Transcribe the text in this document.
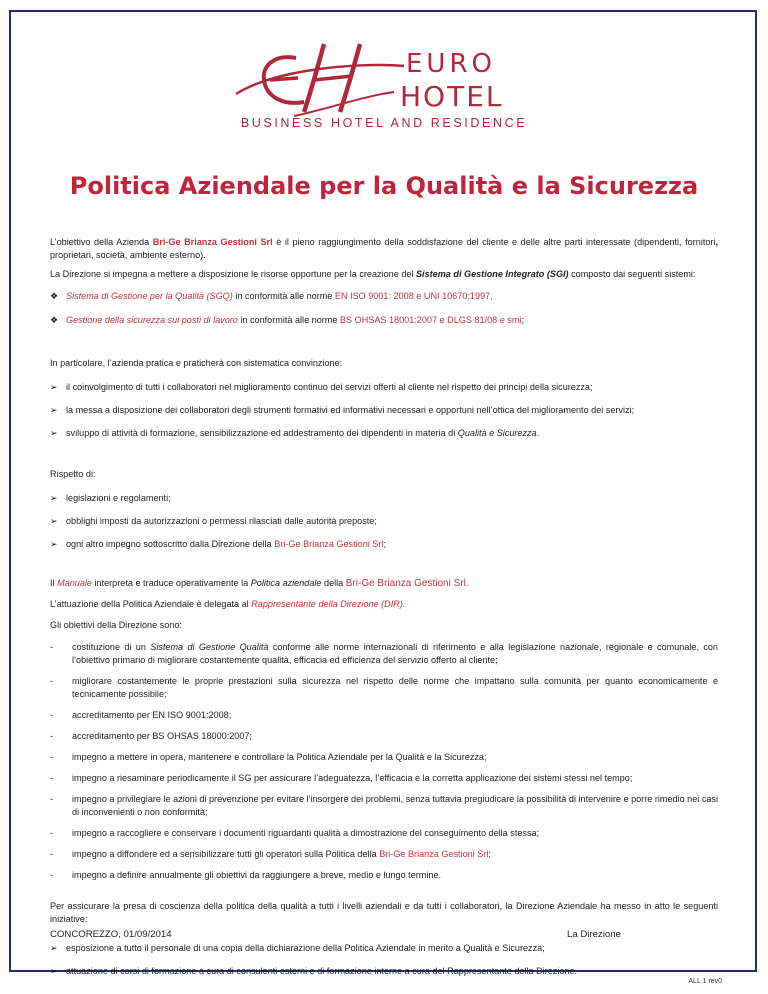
EURO
HOTEL
BUSINESS HOTEL AND RESIDENCE
Politica Aziendale per la Qualità e la Sicurezza

L’obiettivo della Azienda Bri-Ge Brianza Gestioni Srl è il pieno raggiungimento della soddisfazione del cliente e delle altre parti interessate (dipendenti, fornitori, proprietari, società, ambiente esterno).

La Direzione si impegna a mettere a disposizione le risorse opportune per la creazione del Sistema di Gestione Integrato (SGI) composto dai seguenti sistemi:

❖ Sistema di Gestione per la Qualità (SGQ) in conformità alle norme EN ISO 9001: 2008 e UNI 10670:1997,
❖ Gestione della sicurezza sui posti di lavoro in conformità alle norme BS OHSAS 18001:2007 e DLGS 81/08 e smi;

In particolare, l’azienda pratica e praticherà con sistematica convinzione:

➢ il coinvolgimento di tutti i collaboratori nel miglioramento continuo dei servizi offerti al cliente nel rispetto dei principi della sicurezza;
➢ la messa a disposizione dei collaboratori degli strumenti formativi ed informativi necessari e opportuni nell’ottica del miglioramento dei servizi;
➢ sviluppo di attività di formazione, sensibilizzazione ed addestramento dei dipendenti in materia di Qualità e Sicurezza.

Rispetto di:

➢ legislazioni e regolamenti;
➢ obblighi imposti da autorizzazioni o permessi rilasciati dalle autorità preposte;
➢ ogni altro impegno sottoscritto dalla Direzione della Bri-Ge Brianza Gestioni Srl;

Il Manuale interpreta e traduce operativamente la Politica aziendale della Bri-Ge Brianza Gestioni Srl.

L’attuazione della Politica Aziendale è delegata al Rappresentante della Direzione (DIR).

Gli obiettivi della Direzione sono:

-	costituzione di un Sistema di Gestione Qualità conforme alle norme internazionali di riferimento e alla legislazione nazionale, regionale e comunale, con l’obiettivo primario di migliorare costantemente qualità, efficacia ed efficienza del servizio offerto al cliente;
-	migliorare costantemente le proprie prestazioni sulla sicurezza nel rispetto delle norme che impattano sulla comunità per quanto economicamente e tecnicamente possibile;
-	accreditamento per EN ISO 9001:2008;
-	accreditamento per BS OHSAS 18000:2007;
-	impegno a mettere in opera, mantenere e controllare la Politica Aziendale per la Qualità e la Sicurezza;
-	impegno a riesaminare periodicamente il SG per assicurare l’adeguatezza, l’efficacia e la corretta applicazione dei sistemi stessi nel tempo;
-	impegno a privilegiare le azioni di prevenzione per evitare l’insorgere dei problemi, senza tuttavia pregiudicare la possibilità di intervenire e porre rimedio nei casi di inconvenienti o non conformità;
-	impegno a raccogliere e conservare i documenti riguardanti qualità a dimostrazione del conseguimento della stessa;
-	impegno a diffondere ed a sensibilizzare tutti gli operatori sulla Politica della Bri-Ge Brianza Gestioni Srl;
-	impegno a definire annualmente gli obiettivi da raggiungere a breve, medio e lungo termine.

Per assicurare la presa di coscienza della politica della qualità a tutti i livelli aziendali e da tutti i collaboratori, la Direzione Aziendale ha messo in atto le seguenti iniziative:

➢ esposizione a tutto il personale di una copia della dichiarazione della Politica Aziendale in merito a Qualità e Sicurezza;
➢ attuazione di corsi di formazione a cura di consulenti esterni e di formazione interne a cura del Rappresentante della Direzione.
CONCOREZZO, 01/09/2014	La Direzione
ALL 1 rev0
